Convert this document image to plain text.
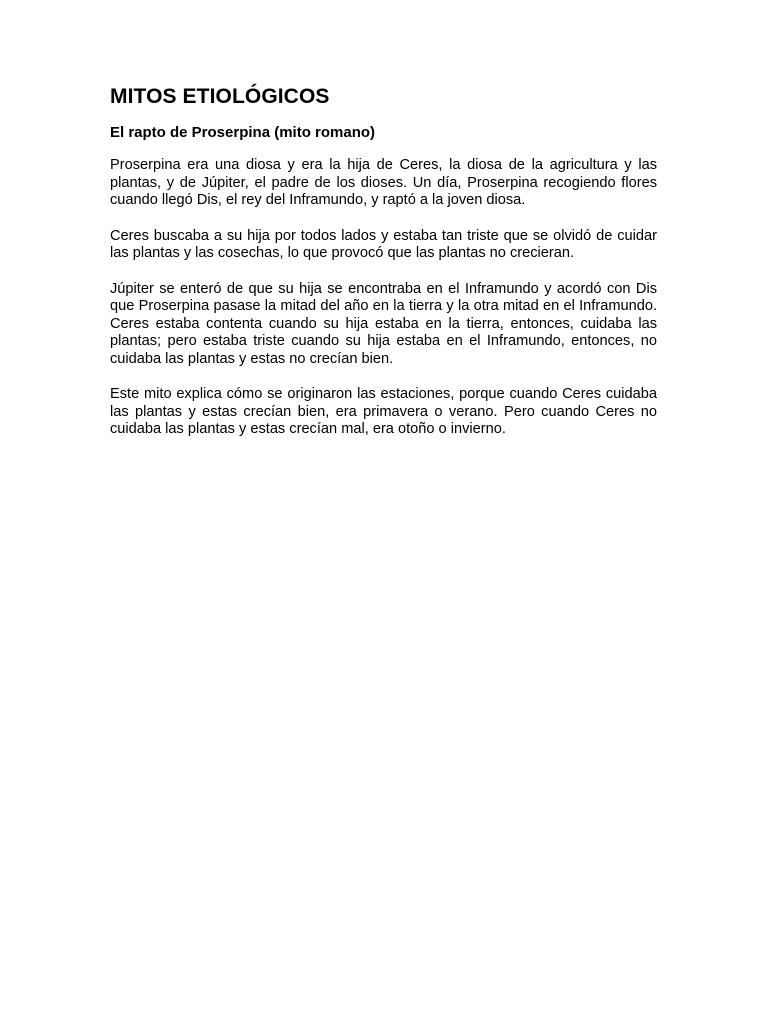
MITOS ETIOLÓGICOS
El rapto de Proserpina (mito romano)

Proserpina era una diosa y era la hija de Ceres, la diosa de la agricultura y las plantas, y de Júpiter, el padre de los dioses. Un día, Proserpina recogiendo flores cuando llegó Dis, el rey del Inframundo, y raptó a la joven diosa.

Ceres buscaba a su hija por todos lados y estaba tan triste que se olvidó de cuidar las plantas y las cosechas, lo que provocó que las plantas no crecieran.

Júpiter se enteró de que su hija se encontraba en el Inframundo y acordó con Dis que Proserpina pasase la mitad del año en la tierra y la otra mitad en el Inframundo. Ceres estaba contenta cuando su hija estaba en la tierra, entonces, cuidaba las plantas; pero estaba triste cuando su hija estaba en el Inframundo, entonces, no cuidaba las plantas y estas no crecían bien.

Este mito explica cómo se originaron las estaciones, porque cuando Ceres cuidaba las plantas y estas crecían bien, era primavera o verano. Pero cuando Ceres no cuidaba las plantas y estas crecían mal, era otoño o invierno.
